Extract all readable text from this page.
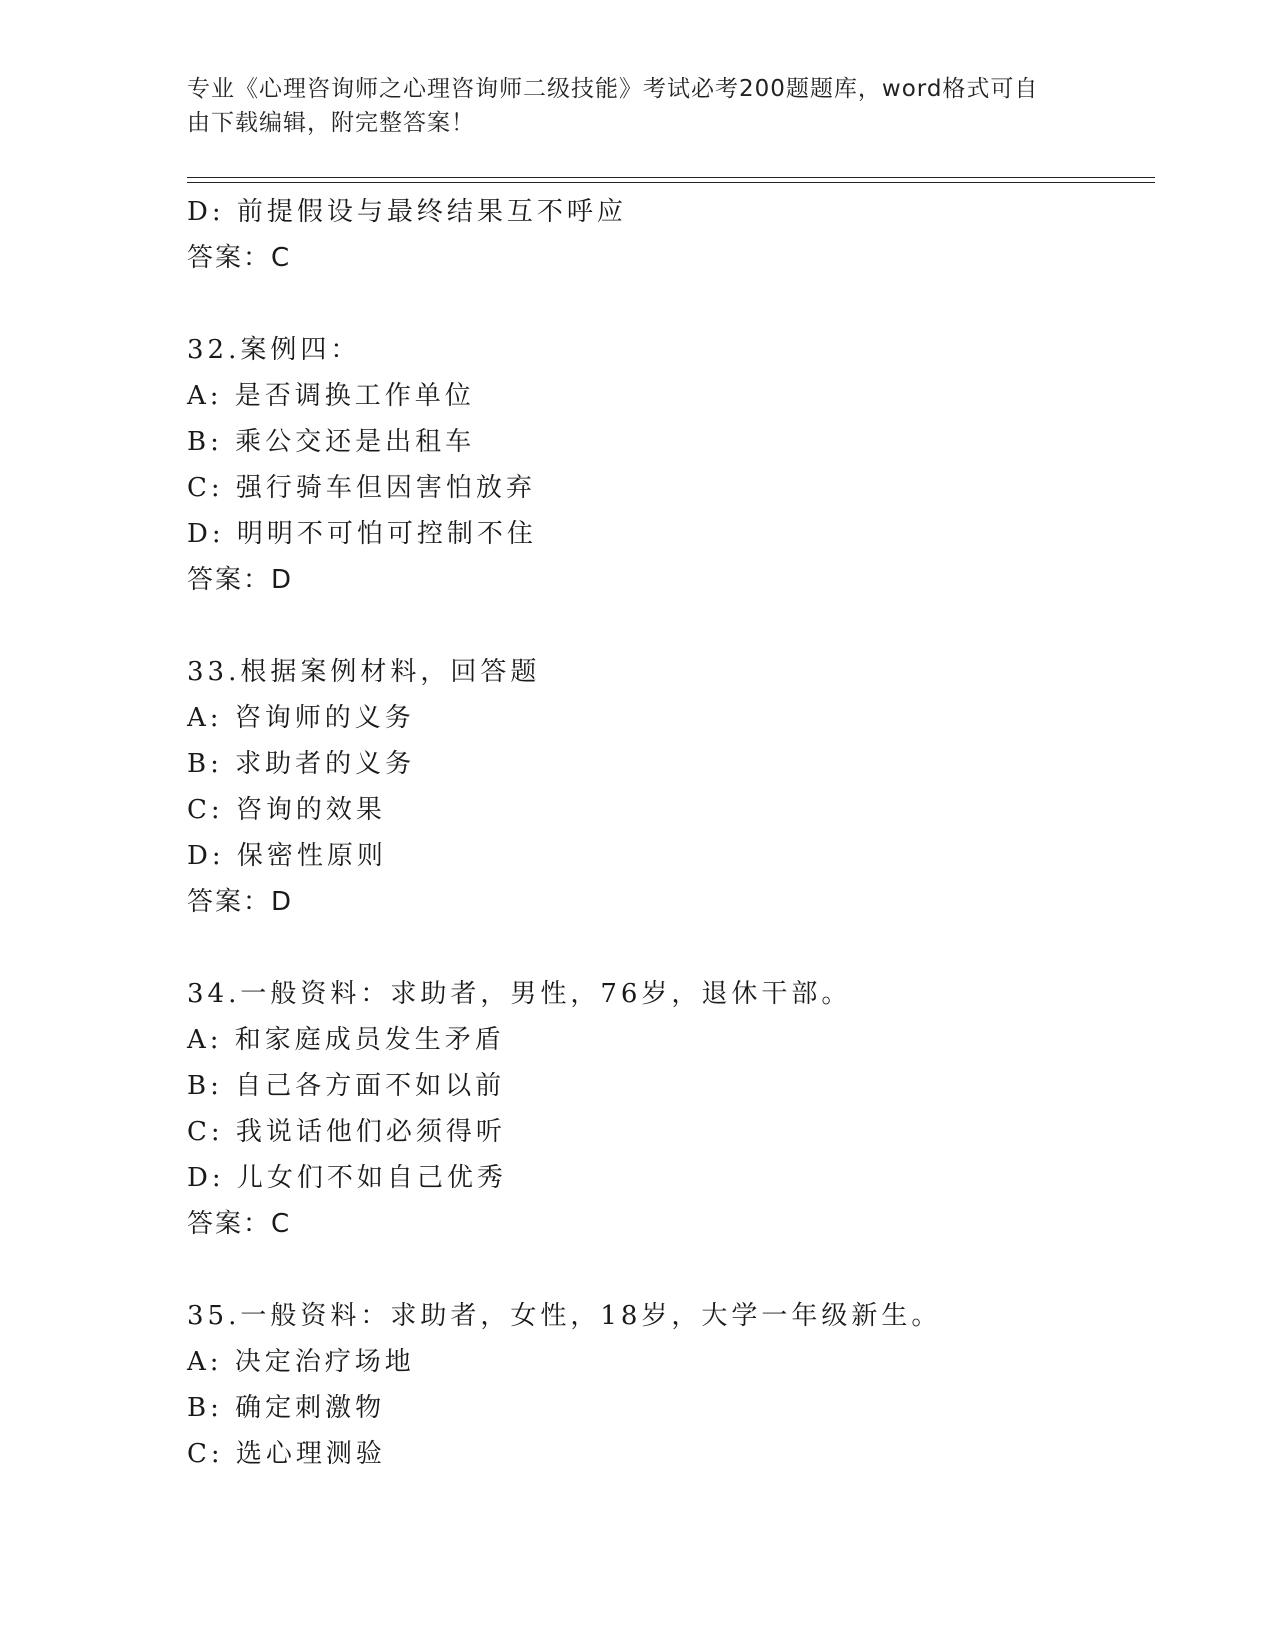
专业《心理咨询师之心理咨询师二级技能》考试必考200题题库，word格式可自
由下载编辑，附完整答案！
D: 前提假设与最终结果互不呼应
答案：C
32.案例四：
A: 是否调换工作单位
B: 乘公交还是出租车
C: 强行骑车但因害怕放弃
D: 明明不可怕可控制不住
答案：D
33.根据案例材料，回答题
A: 咨询师的义务
B: 求助者的义务
C: 咨询的效果
D: 保密性原则
答案：D
34.一般资料：求助者，男性，76岁，退休干部。
A: 和家庭成员发生矛盾
B: 自己各方面不如以前
C: 我说话他们必须得听
D: 儿女们不如自己优秀
答案：C
35.一般资料：求助者，女性，18岁，大学一年级新生。
A: 决定治疗场地
B: 确定刺激物
C: 选心理测验
